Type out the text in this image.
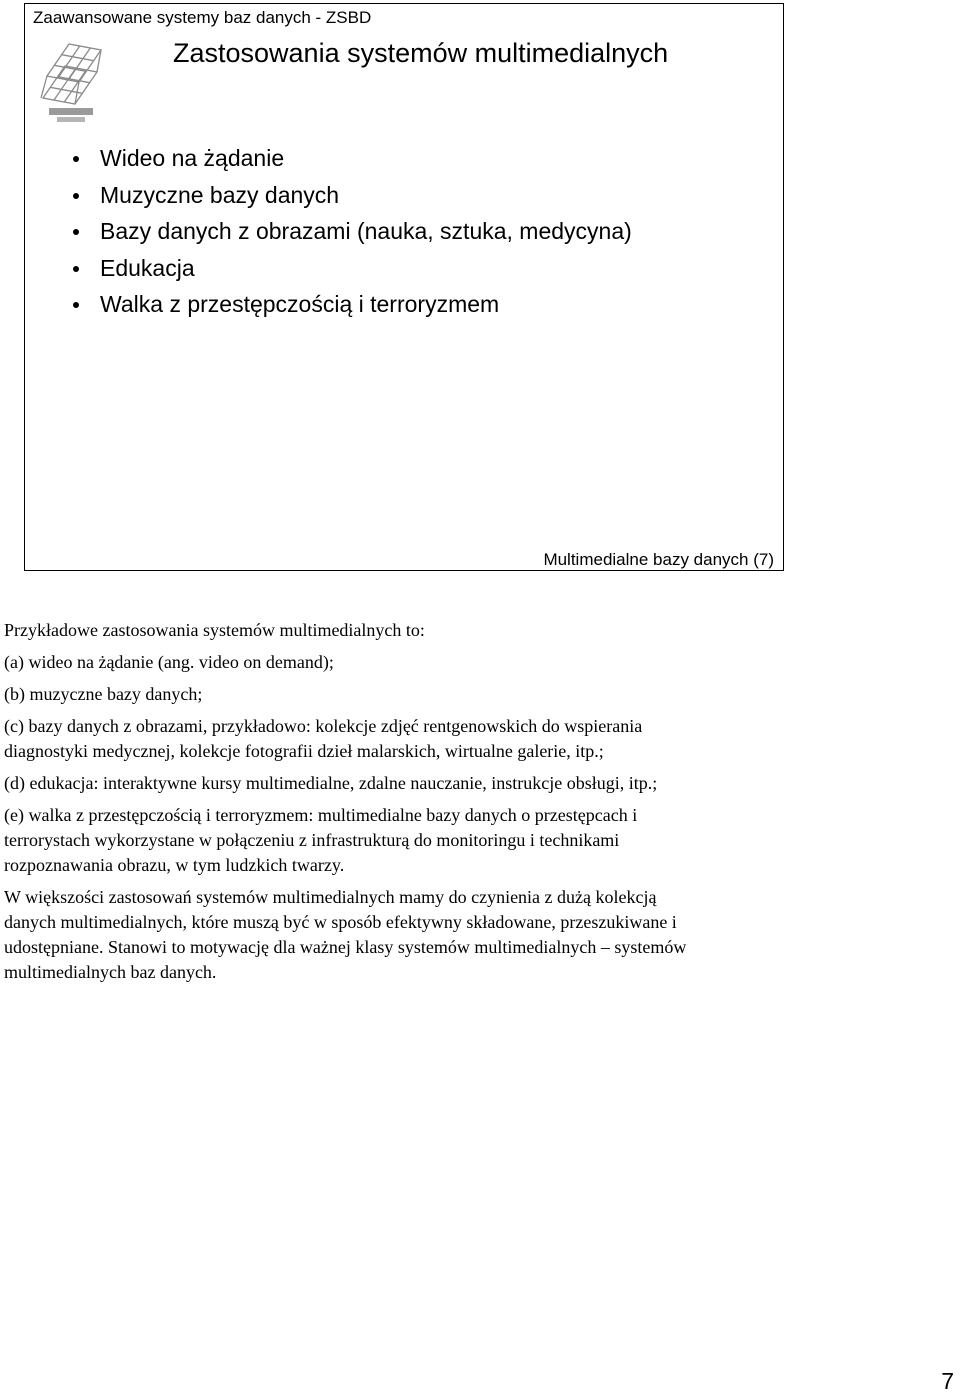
Zaawansowane systemy baz danych - ZSBD
Zastosowania systemów multimedialnych
Wideo na żądanie
Muzyczne bazy danych
Bazy danych z obrazami (nauka, sztuka, medycyna)
Edukacja
Walka z przestępczością i terroryzmem
Multimedialne bazy danych (7)

Przykładowe zastosowania systemów multimedialnych to:

(a) wideo na żądanie (ang. video on demand);

(b) muzyczne bazy danych;

(c) bazy danych z obrazami, przykładowo: kolekcje zdjęć rentgenowskich do wspierania

diagnostyki medycznej, kolekcje fotografii dzieł malarskich, wirtualne galerie, itp.;

(d) edukacja: interaktywne kursy multimedialne, zdalne nauczanie, instrukcje obsługi, itp.;

(e) walka z przestępczością i terroryzmem: multimedialne bazy danych o przestępcach i

terrorystach wykorzystane w połączeniu z infrastrukturą do monitoringu i technikami

rozpoznawania obrazu, w tym ludzkich twarzy.

W większości zastosowań systemów multimedialnych mamy do czynienia z dużą kolekcją

danych multimedialnych, które muszą być w sposób efektywny składowane, przeszukiwane i

udostępniane. Stanowi to motywację dla ważnej klasy systemów multimedialnych – systemów

multimedialnych baz danych.

7
